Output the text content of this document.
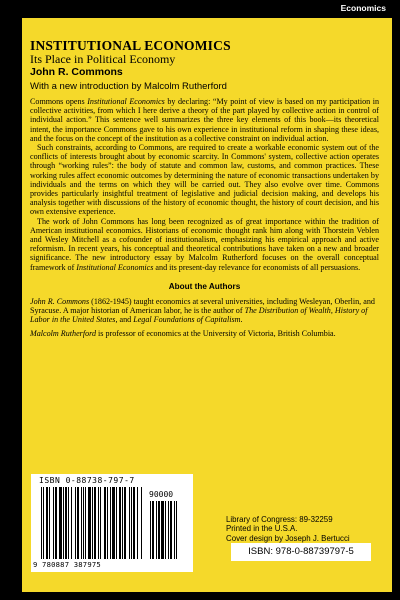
Economics
INSTITUTIONAL ECONOMICS
Its Place in Political Economy
John R. Commons
With a new introduction by Malcolm Rutherford

Commons opens Institutional Economics by declaring: “My point of view is based on my participation in collective activities, from which I here derive a theory of the part played by collective action in control of individual action.” This sentence well summarizes the three key elements of this book—its theoretical intent, the importance Commons gave to his own experience in institutional reform in shaping these ideas, and the focus on the concept of the institution as a collective constraint on individual action.

Such constraints, according to Commons, are required to create a workable economic system out of the conflicts of interests brought about by economic scarcity. In Commons' system, collective action operates through “working rules”: the body of statute and common law, customs, and common practices. These working rules affect economic outcomes by determining the nature of economic transactions undertaken by individuals and the terms on which they will be carried out. They also evolve over time. Commons provides particularly insightful treatment of legislative and judicial decision making, and develops his analysis together with discussions of the history of economic thought, the history of court decision, and his own extensive experience.

The work of John Commons has long been recognized as of great importance within the tradition of American institutional economics. Historians of economic thought rank him along with Thorstein Veblen and Wesley Mitchell as a cofounder of institutionalism, emphasizing his empirical approach and active reformism. In recent years, his conceptual and theoretical contributions have taken on a new and broader significance. The new introductory essay by Malcolm Rutherford focuses on the overall conceptual framework of Institutional Economics and its present-day relevance for economists of all persuasions.

About the Authors

John R. Commons (1862-1945) taught economics at several universities, including Wesleyan, Oberlin, and Syracuse. A major historian of American labor, he is the author of The Distribution of Wealth, History of Labor in the United States, and Legal Foundations of Capitalism.

Malcolm Rutherford is professor of economics at the University of Victoria, British Columbia.

ISBN 0-88738-797-7
90000
9 780887 387975
Library of Congress: 89-32259
Printed in the U.S.A.
Cover design by Joseph J. Bertucci
ISBN: 978-0-88739797-5
